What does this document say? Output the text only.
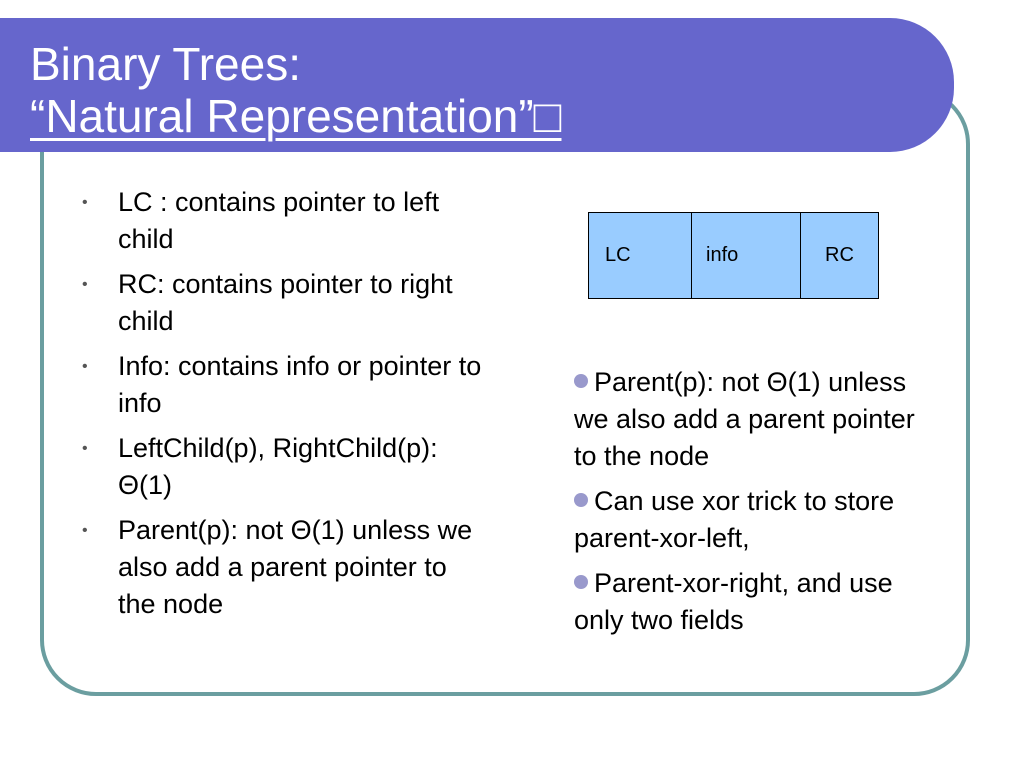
Binary Trees:
“Natural Representation”□
• LC : contains pointer to left child
• RC: contains pointer to right child
• Info: contains info or pointer to info
• LeftChild(p), RightChild(p): Θ(1)
• Parent(p): not Θ(1) unless we also add a parent pointer to the node
LC	info	RC
Parent(p): not Θ(1) unless we also add a parent pointer to the node
Can use xor trick to store parent-xor-left,
Parent-xor-right, and use only two fields
